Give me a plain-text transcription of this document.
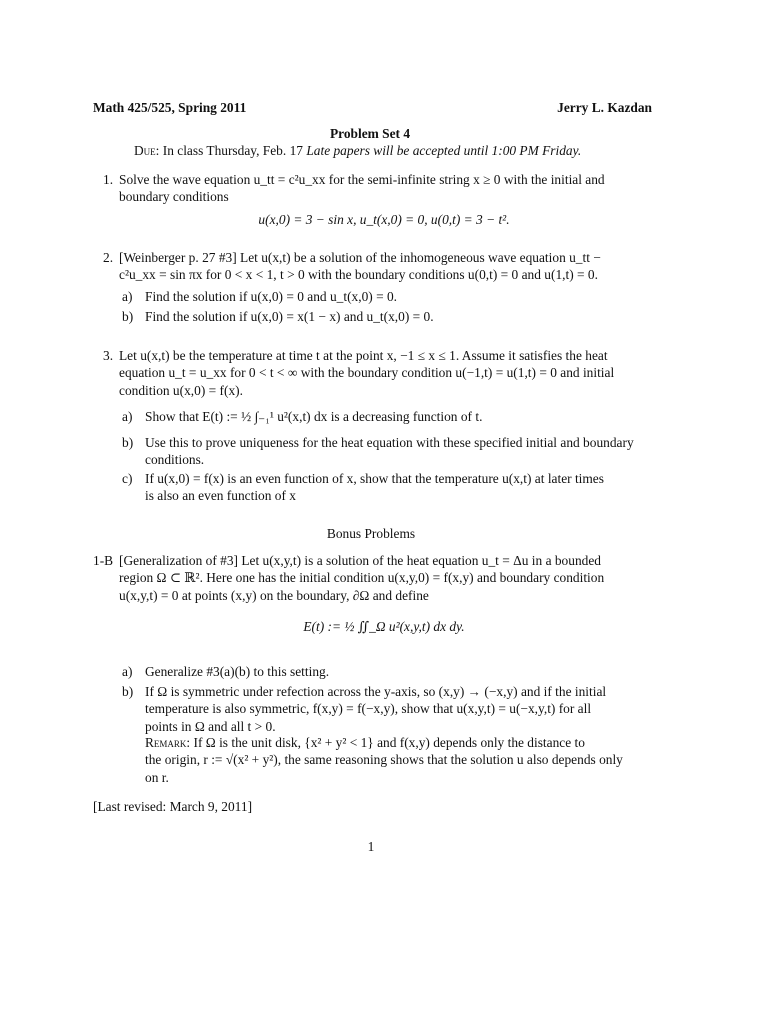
Math 425/525, Spring 2011	Jerry L. Kazdan
Problem Set 4
Due: In class Thursday, Feb. 17 Late papers will be accepted until 1:00 PM Friday.
1. Solve the wave equation u_tt = c²u_xx for the semi-infinite string x ≥ 0 with the initial and
boundary conditions
u(x,0) = 3 − sin x, u_t(x,0) = 0, u(0,t) = 3 − t².
2. [Weinberger p. 27 #3] Let u(x,t) be a solution of the inhomogeneous wave equation u_tt −
c²u_xx = sin πx for 0 < x < 1, t > 0 with the boundary conditions u(0,t) = 0 and u(1,t) = 0.
a) Find the solution if u(x,0) = 0 and u_t(x,0) = 0.
b) Find the solution if u(x,0) = x(1 − x) and u_t(x,0) = 0.
3. Let u(x,t) be the temperature at time t at the point x, −1 ≤ x ≤ 1. Assume it satisfies the heat
equation u_t = u_xx for 0 < t < ∞ with the boundary condition u(−1,t) = u(1,t) = 0 and initial
condition u(x,0) = f(x).
a) Show that E(t) := ½ ∫₋₁¹ u²(x,t) dx is a decreasing function of t.
b) Use this to prove uniqueness for the heat equation with these specified initial and boundary
conditions.
c) If u(x,0) = f(x) is an even function of x, show that the temperature u(x,t) at later times
is also an even function of x
Bonus Problems
1-B [Generalization of #3] Let u(x,y,t) is a solution of the heat equation u_t = Δu in a bounded
region Ω ⊂ ℝ². Here one has the initial condition u(x,y,0) = f(x,y) and boundary condition
u(x,y,t) = 0 at points (x,y) on the boundary, ∂Ω and define
E(t) := ½ ∬_Ω u²(x,y,t) dx dy.
a) Generalize #3(a)(b) to this setting.
b) If Ω is symmetric under refection across the y-axis, so (x,y) → (−x,y) and if the initial
temperature is also symmetric, f(x,y) = f(−x,y), show that u(x,y,t) = u(−x,y,t) for all
points in Ω and all t > 0.
Remark: If Ω is the unit disk, {x² + y² < 1} and f(x,y) depends only the distance to
the origin, r := √(x² + y²), the same reasoning shows that the solution u also depends only
on r.
[Last revised: March 9, 2011]
1
